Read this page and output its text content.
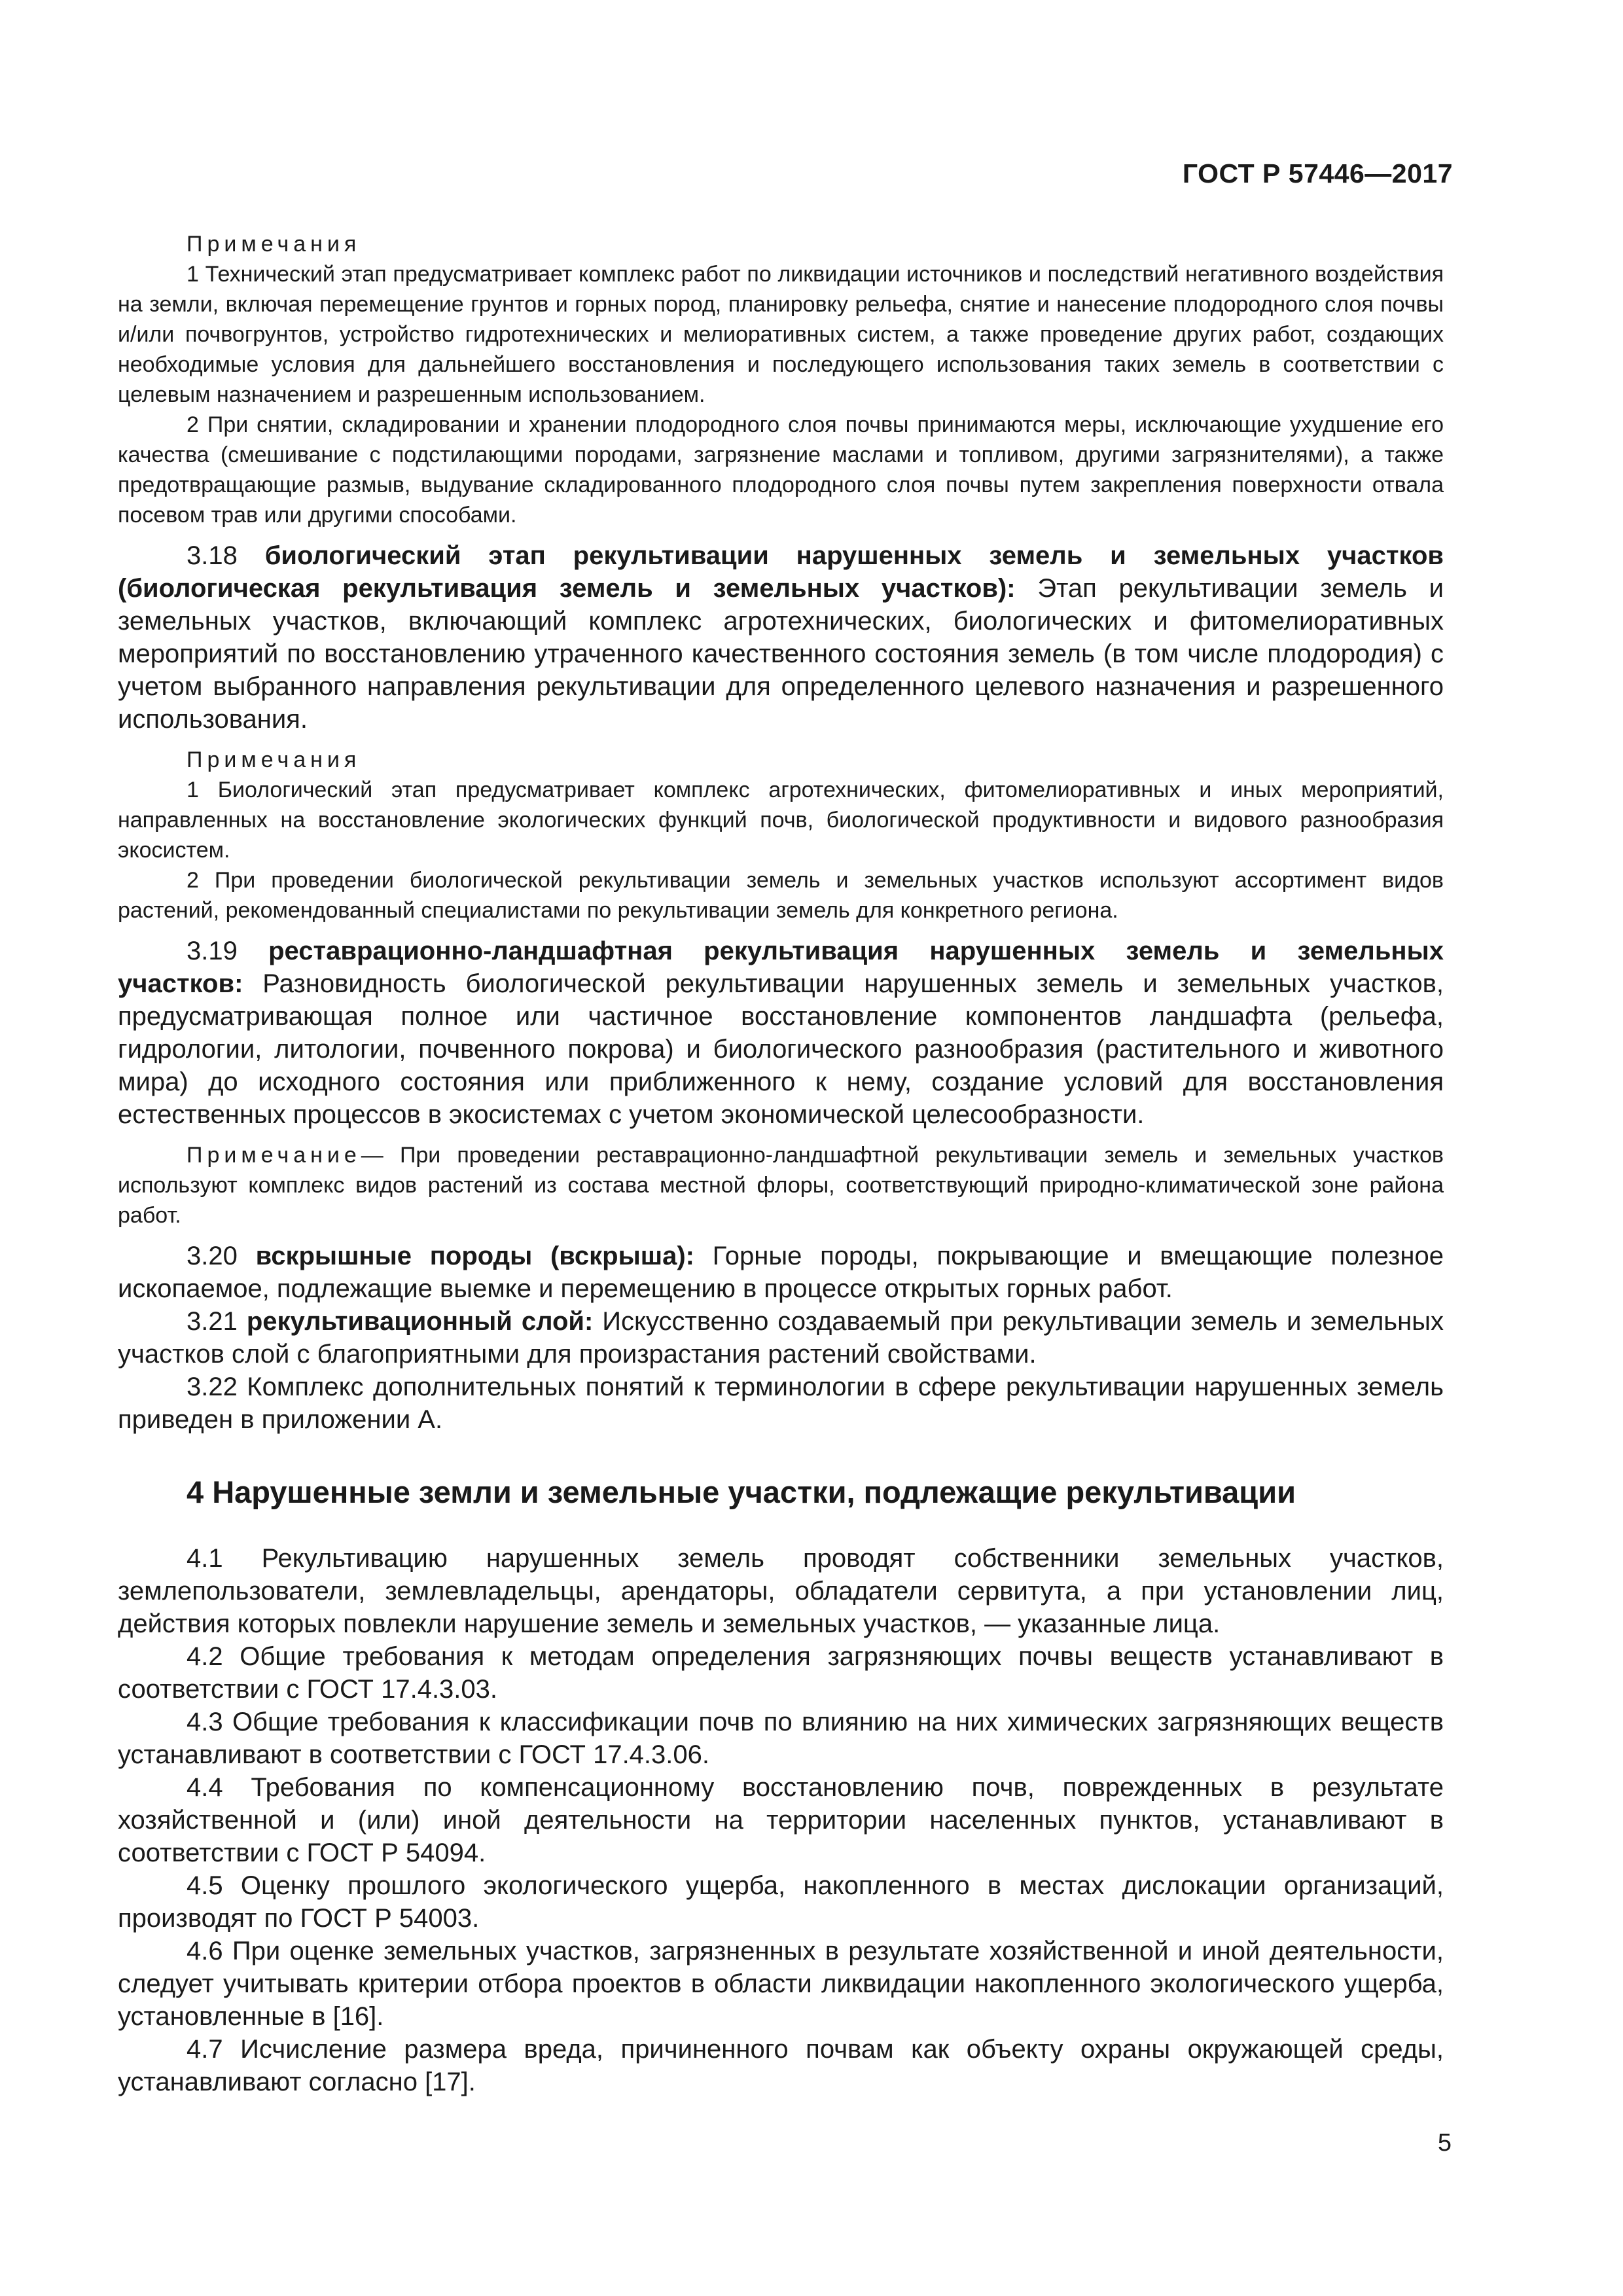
ГОСТ Р 57446—2017
Примечания

1 Технический этап предусматривает комплекс работ по ликвидации источников и последствий негативного воздействия на земли, включая перемещение грунтов и горных пород, планировку рельефа, снятие и нанесение плодородного слоя почвы и/или почвогрунтов, устройство гидротехнических и мелиоративных систем, а также проведение других работ, создающих необходимые условия для дальнейшего восстановления и последующего использования таких земель в соответствии с целевым назначением и разрешенным использованием.

2 При снятии, складировании и хранении плодородного слоя почвы принимаются меры, исключающие ухудшение его качества (смешивание с подстилающими породами, загрязнение маслами и топливом, другими загрязнителями), а также предотвращающие размыв, выдувание складированного плодородного слоя почвы путем закрепления поверхности отвала посевом трав или другими способами.

3.18 биологический этап рекультивации нарушенных земель и земельных участков (биологическая рекультивация земель и земельных участков): Этап рекультивации земель и земельных участков, включающий комплекс агротехнических, биологических и фитомелиоративных мероприятий по восстановлению утраченного качественного состояния земель (в том числе плодородия) с учетом выбранного направления рекультивации для определенного целевого назначения и разрешенного использования.

Примечания

1 Биологический этап предусматривает комплекс агротехнических, фитомелиоративных и иных мероприятий, направленных на восстановление экологических функций почв, биологической продуктивности и видового разнообразия экосистем.

2 При проведении биологической рекультивации земель и земельных участков используют ассортимент видов растений, рекомендованный специалистами по рекультивации земель для конкретного региона.

3.19 реставрационно-ландшафтная рекультивация нарушенных земель и земельных участков: Разновидность биологической рекультивации нарушенных земель и земельных участков, предусматривающая полное или частичное восстановление компонентов ландшафта (рельефа, гидрологии, литологии, почвенного покрова) и биологического разнообразия (растительного и животного мира) до исходного состояния или приближенного к нему, создание условий для восстановления естественных процессов в экосистемах с учетом экономической целесообразности.

Примечание— При проведении реставрационно-ландшафтной рекультивации земель и земельных участков используют комплекс видов растений из состава местной флоры, соответствующий природно-климатической зоне района работ.

3.20 вскрышные породы (вскрыша): Горные породы, покрывающие и вмещающие полезное ископаемое, подлежащие выемке и перемещению в процессе открытых горных работ.

3.21 рекультивационный слой: Искусственно создаваемый при рекультивации земель и земельных участков слой с благоприятными для произрастания растений свойствами.

3.22 Комплекс дополнительных понятий к терминологии в сфере рекультивации нарушенных земель приведен в приложении А.

4 Нарушенные земли и земельные участки, подлежащие рекультивации

4.1 Рекультивацию нарушенных земель проводят собственники земельных участков, землепользователи, землевладельцы, арендаторы, обладатели сервитута, а при установлении лиц, действия которых повлекли нарушение земель и земельных участков, — указанные лица.

4.2 Общие требования к методам определения загрязняющих почвы веществ устанавливают в соответствии с ГОСТ 17.4.3.03.

4.3 Общие требования к классификации почв по влиянию на них химических загрязняющих веществ устанавливают в соответствии с ГОСТ 17.4.3.06.

4.4 Требования по компенсационному восстановлению почв, поврежденных в результате хозяйственной и (или) иной деятельности на территории населенных пунктов, устанавливают в соответствии с ГОСТ Р 54094.

4.5 Оценку прошлого экологического ущерба, накопленного в местах дислокации организаций, производят по ГОСТ Р 54003.

4.6 При оценке земельных участков, загрязненных в результате хозяйственной и иной деятельности, следует учитывать критерии отбора проектов в области ликвидации накопленного экологического ущерба, установленные в [16].

4.7 Исчисление размера вреда, причиненного почвам как объекту охраны окружающей среды, устанавливают согласно [17].

5
